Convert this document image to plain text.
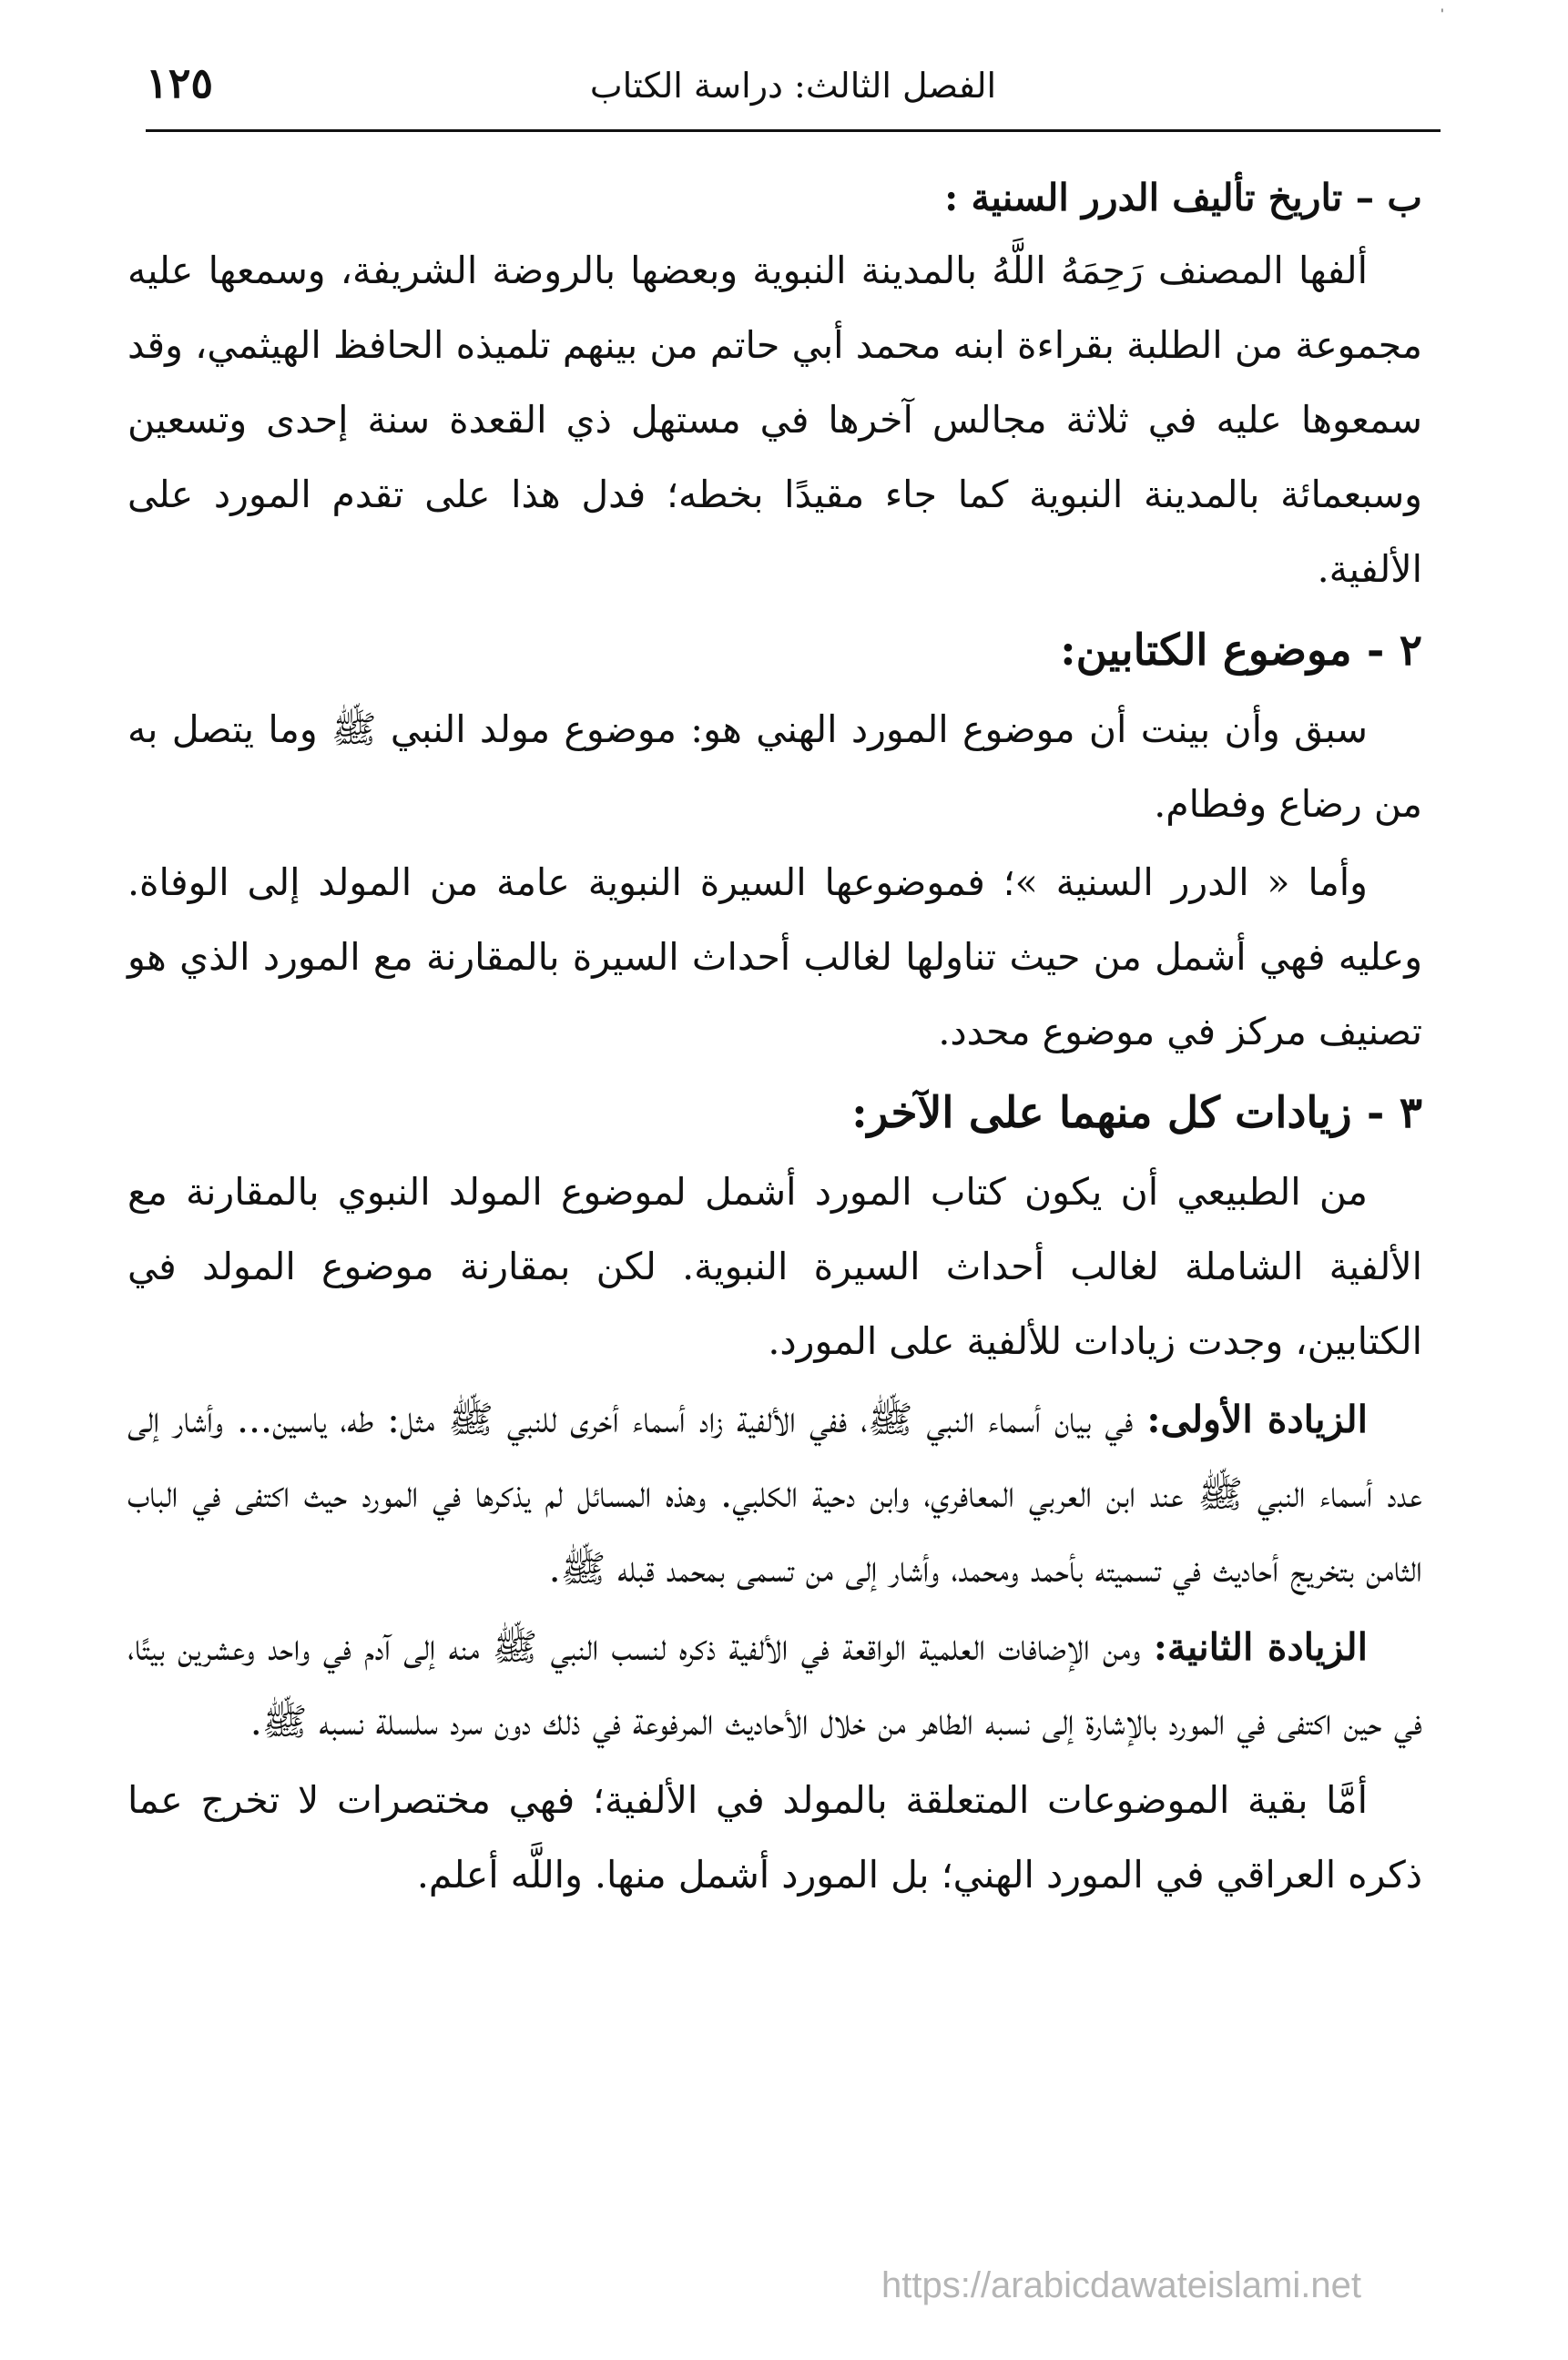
'
الفصل الثالث: دراسة الكتاب
١٢٥

ب – تاريخ تأليف الدرر السنية :

ألفها المصنف رَحِمَهُ اللَّهُ بالمدينة النبوية وبعضها بالروضة الشريفة، وسمعها عليه مجموعة من الطلبة بقراءة ابنه محمد أبي حاتم من بينهم تلميذه الحافظ الهيثمي، وقد سمعوها عليه في ثلاثة مجالس آخرها في مستهل ذي القعدة سنة إحدى وتسعين وسبعمائة بالمدينة النبوية كما جاء مقيدًا بخطه؛ فدل هذا على تقدم المورد على الألفية.

٢ - موضوع الكتابين:

سبق وأن بينت أن موضوع المورد الهني هو: موضوع مولد النبي ﷺ وما يتصل به من رضاع وفطام.

وأما « الدرر السنية »؛ فموضوعها السيرة النبوية عامة من المولد إلى الوفاة. وعليه فهي أشمل من حيث تناولها لغالب أحداث السيرة بالمقارنة مع المورد الذي هو تصنيف مركز في موضوع محدد.

٣ - زيادات كل منهما على الآخر:

من الطبيعي أن يكون كتاب المورد أشمل لموضوع المولد النبوي بالمقارنة مع الألفية الشاملة لغالب أحداث السيرة النبوية. لكن بمقارنة موضوع المولد في الكتابين، وجدت زيادات للألفية على المورد.

الزيادة الأولى: في بيان أسماء النبي ﷺ، ففي الألفية زاد أسماء أخرى للنبي ﷺ مثل: طه، ياسين... وأشار إلى عدد أسماء النبي ﷺ عند ابن العربي المعافري، وابن دحية الكلبي. وهذه المسائل لم يذكرها في المورد حيث اكتفى في الباب الثامن بتخريج أحاديث في تسميته بأحمد ومحمد، وأشار إلى من تسمى بمحمد قبله ﷺ.

الزيادة الثانية: ومن الإضافات العلمية الواقعة في الألفية ذكره لنسب النبي ﷺ منه إلى آدم في واحد وعشرين بيتًا، في حين اكتفى في المورد بالإشارة إلى نسبه الطاهر من خلال الأحاديث المرفوعة في ذلك دون سرد سلسلة نسبه ﷺ.

أمَّا بقية الموضوعات المتعلقة بالمولد في الألفية؛ فهي مختصرات لا تخرج عما ذكره العراقي في المورد الهني؛ بل المورد أشمل منها. واللَّه أعلم.

https://arabicdawateislami.net
